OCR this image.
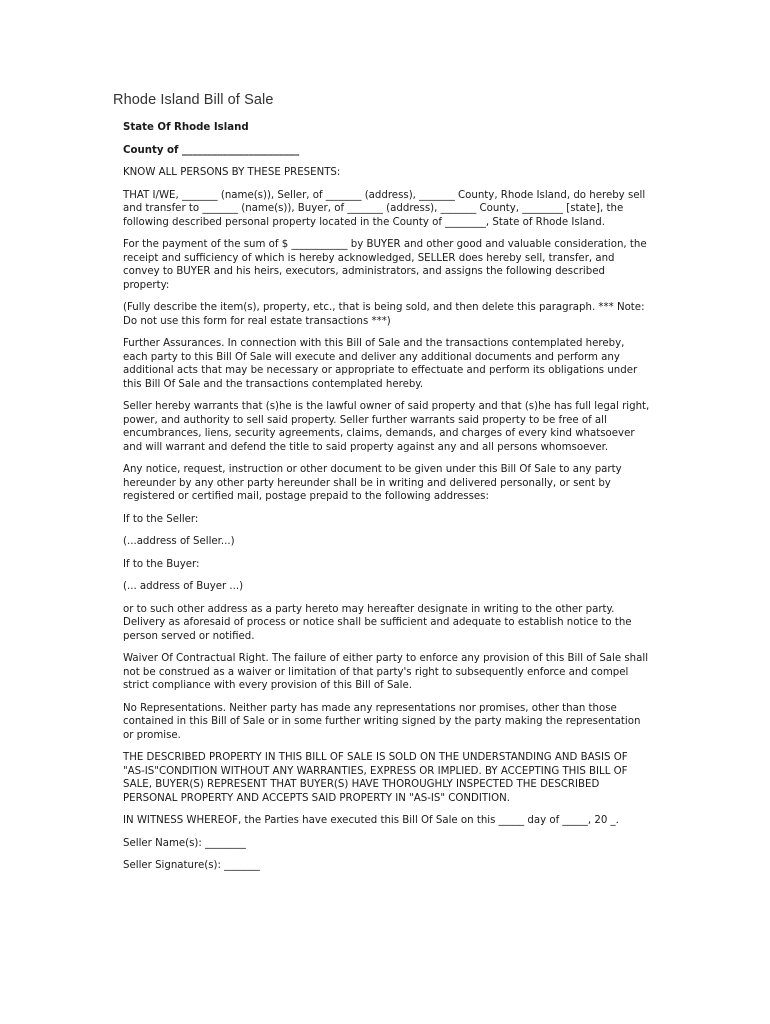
Rhode Island Bill of Sale

State Of Rhode Island

County of _______________________

KNOW ALL PERSONS BY THESE PRESENTS:

THAT I/WE, _______ (name(s)), Seller, of _______ (address), _______ County, Rhode Island, do hereby sell and transfer to _______ (name(s)), Buyer, of _______ (address), _______ County, ________ [state], the following described personal property located in the County of ________, State of Rhode Island.

For the payment of the sum of $ ___________ by BUYER and other good and valuable consideration, the receipt and sufficiency of which is hereby acknowledged, SELLER does hereby sell, transfer, and convey to BUYER and his heirs, executors, administrators, and assigns the following described property:

(Fully describe the item(s), property, etc., that is being sold, and then delete this paragraph. *** Note: Do not use this form for real estate transactions ***)

Further Assurances. In connection with this Bill of Sale and the transactions contemplated hereby, each party to this Bill Of Sale will execute and deliver any additional documents and perform any additional acts that may be necessary or appropriate to effectuate and perform its obligations under this Bill Of Sale and the transactions contemplated hereby.

Seller hereby warrants that (s)he is the lawful owner of said property and that (s)he has full legal right, power, and authority to sell said property. Seller further warrants said property to be free of all encumbrances, liens, security agreements, claims, demands, and charges of every kind whatsoever and will warrant and defend the title to said property against any and all persons whomsoever.

Any notice, request, instruction or other document to be given under this Bill Of Sale to any party hereunder by any other party hereunder shall be in writing and delivered personally, or sent by registered or certified mail, postage prepaid to the following addresses:

If to the Seller:

(...address of Seller...)

If to the Buyer:

(... address of Buyer ...)

or to such other address as a party hereto may hereafter designate in writing to the other party. Delivery as aforesaid of process or notice shall be sufficient and adequate to establish notice to the person served or notified.

Waiver Of Contractual Right. The failure of either party to enforce any provision of this Bill of Sale shall not be construed as a waiver or limitation of that party's right to subsequently enforce and compel strict compliance with every provision of this Bill of Sale.

No Representations. Neither party has made any representations nor promises, other than those contained in this Bill of Sale or in some further writing signed by the party making the representation or promise.

THE DESCRIBED PROPERTY IN THIS BILL OF SALE IS SOLD ON THE UNDERSTANDING AND BASIS OF "AS-IS"CONDITION WITHOUT ANY WARRANTIES, EXPRESS OR IMPLIED. BY ACCEPTING THIS BILL OF SALE, BUYER(S) REPRESENT THAT BUYER(S) HAVE THOROUGHLY INSPECTED THE DESCRIBED PERSONAL PROPERTY AND ACCEPTS SAID PROPERTY IN "AS-IS" CONDITION.

IN WITNESS WHEREOF, the Parties have executed this Bill Of Sale on this _____ day of _____, 20 _.

Seller Name(s): ________

Seller Signature(s): _______
